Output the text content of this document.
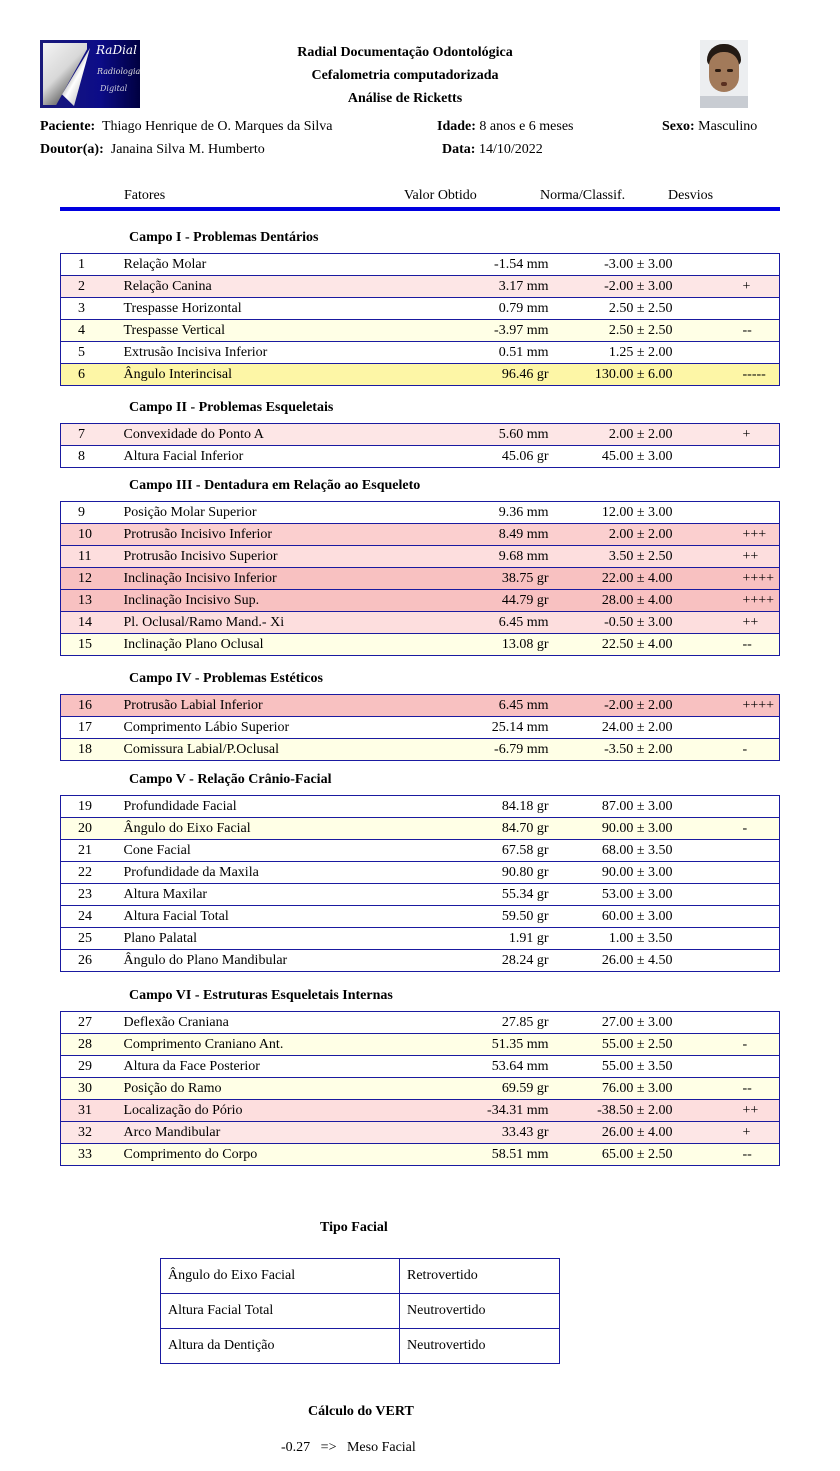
RaDial
Radiologia
Digital
Radial Documentação Odontológica
Cefalometria computadorizada
Análise de Ricketts
Paciente: Thiago Henrique de O. Marques da Silva
Doutor(a): Janaina Silva M. Humberto
Idade: 8 anos e 6 meses
Data: 14/10/2022
Sexo: Masculino
Fatores	Valor Obtido	Norma/Classif.	Desvios
Campo I - Problemas Dentários
1	Relação Molar	-1.54 mm	-3.00 ± 3.00	
2	Relação Canina	3.17 mm	-2.00 ± 3.00	+
3	Trespasse Horizontal	0.79 mm	2.50 ± 2.50	
4	Trespasse Vertical	-3.97 mm	2.50 ± 2.50	--
5	Extrusão Incisiva Inferior	0.51 mm	1.25 ± 2.00	
6	Ângulo Interincisal	96.46 gr	130.00 ± 6.00	-----
Campo II - Problemas Esqueletais
7	Convexidade do Ponto A	5.60 mm	2.00 ± 2.00	+
8	Altura Facial Inferior	45.06 gr	45.00 ± 3.00	
Campo III - Dentadura em Relação ao Esqueleto
9	Posição Molar Superior	9.36 mm	12.00 ± 3.00	
10	Protrusão Incisivo Inferior	8.49 mm	2.00 ± 2.00	+++
11	Protrusão Incisivo Superior	9.68 mm	3.50 ± 2.50	++
12	Inclinação Incisivo Inferior	38.75 gr	22.00 ± 4.00	++++
13	Inclinação Incisivo Sup.	44.79 gr	28.00 ± 4.00	++++
14	Pl. Oclusal/Ramo Mand.- Xi	6.45 mm	-0.50 ± 3.00	++
15	Inclinação Plano Oclusal	13.08 gr	22.50 ± 4.00	--
Campo IV - Problemas Estéticos
16	Protrusão Labial Inferior	6.45 mm	-2.00 ± 2.00	++++
17	Comprimento Lábio Superior	25.14 mm	24.00 ± 2.00	
18	Comissura Labial/P.Oclusal	-6.79 mm	-3.50 ± 2.00	-
Campo V - Relação Crânio-Facial
19	Profundidade Facial	84.18 gr	87.00 ± 3.00	
20	Ângulo do Eixo Facial	84.70 gr	90.00 ± 3.00	-
21	Cone Facial	67.58 gr	68.00 ± 3.50	
22	Profundidade da Maxila	90.80 gr	90.00 ± 3.00	
23	Altura Maxilar	55.34 gr	53.00 ± 3.00	
24	Altura Facial Total	59.50 gr	60.00 ± 3.00	
25	Plano Palatal	1.91 gr	1.00 ± 3.50	
26	Ângulo do Plano Mandibular	28.24 gr	26.00 ± 4.50	
Campo VI - Estruturas Esqueletais Internas
27	Deflexão Craniana	27.85 gr	27.00 ± 3.00	
28	Comprimento Craniano Ant.	51.35 mm	55.00 ± 2.50	-
29	Altura da Face Posterior	53.64 mm	55.00 ± 3.50	
30	Posição do Ramo	69.59 gr	76.00 ± 3.00	--
31	Localização do Pório	-34.31 mm	-38.50 ± 2.00	++
32	Arco Mandibular	33.43 gr	26.00 ± 4.00	+
33	Comprimento do Corpo	58.51 mm	65.00 ± 2.50	--
Tipo Facial
Ângulo do Eixo Facial	Retrovertido
Altura Facial Total	Neutrovertido
Altura da Dentição	Neutrovertido
Cálculo do VERT
-0.27 => Meso Facial
